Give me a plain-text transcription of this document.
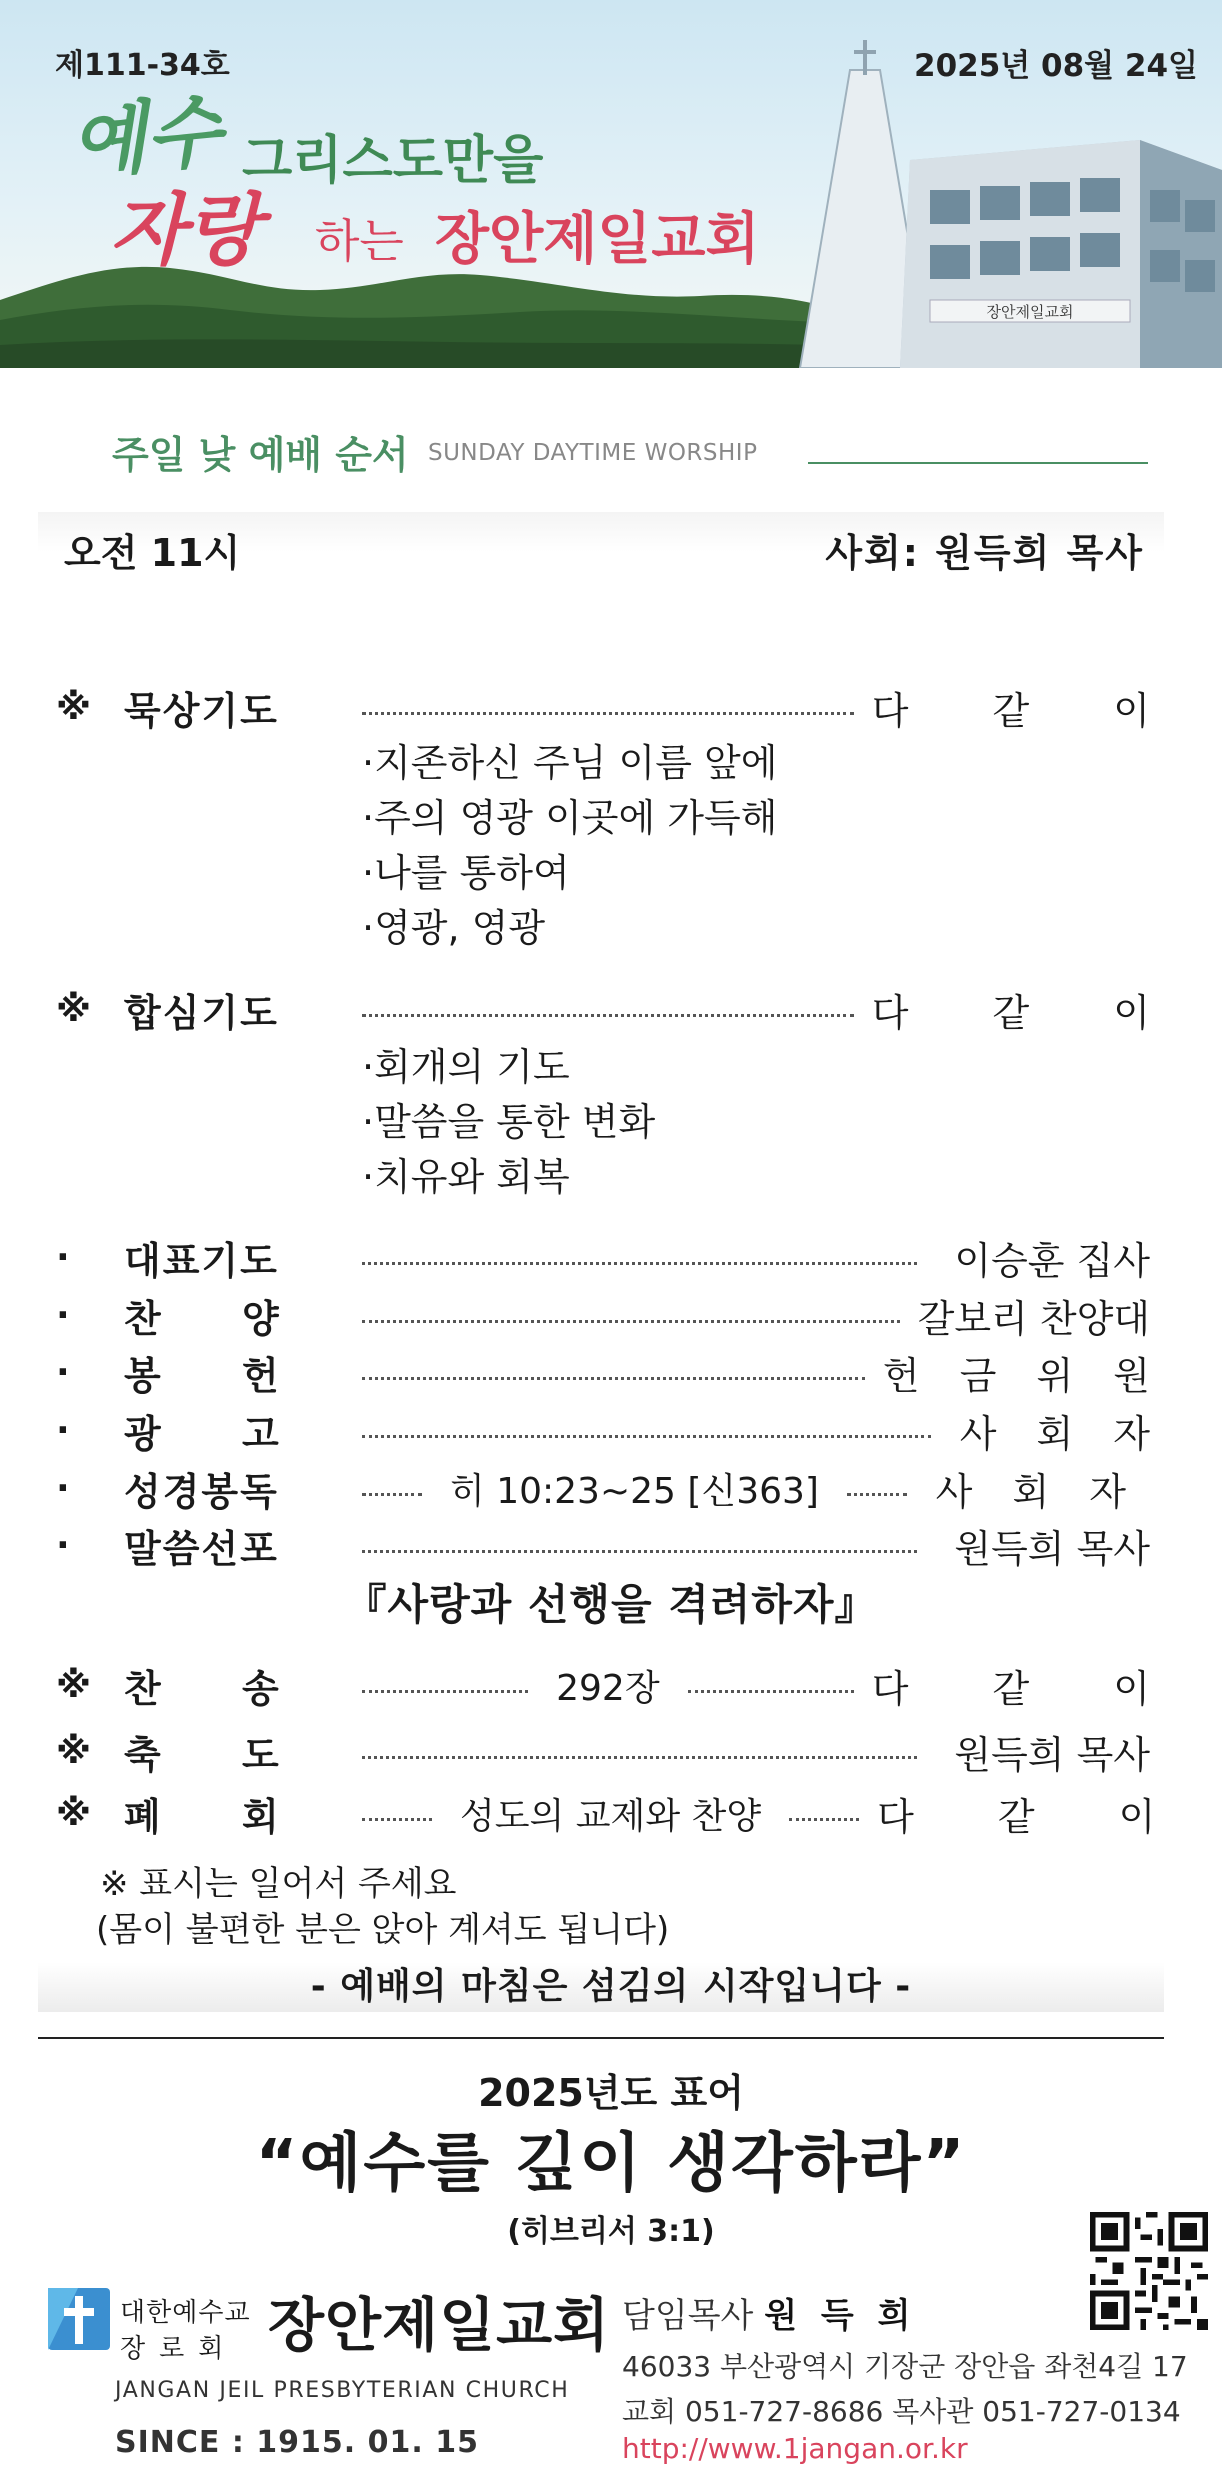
장안제일교회
제111-34호	2025년 08월 24일
예수 그리스도만을
자랑 하는 장안제일교회
주일 낮 예배 순서 SUNDAY DAYTIME WORSHIP
오전 11시	사회: 원득희 목사
※ 묵상기도	다 같 이
·지존하신 주님 이름 앞에
·주의 영광 이곳에 가득해
·나를 통하여
·영광, 영광
※ 합심기도	다 같 이
·회개의 기도
·말씀을 통한 변화
·치유와 회복
·	대표기도	이승훈 집사
·	찬 양	갈보리 찬양대
·	봉 헌	헌 금 위 원
·	광 고	사 회 자
·	성경봉독	히 10:23~25 [신363]	사 회 자
·	말씀선포	원득희 목사
『사랑과 선행을 격려하자』
※ 찬 송	292장	다 같 이
※ 축 도	원득희 목사
※ 폐 회	성도의 교제와 찬양	다 같 이
※ 표시는 일어서 주세요
(몸이 불편한 분은 앉아 계셔도 됩니다)
- 예배의 마침은 섬김의 시작입니다 -
2025년도 표어
“예수를 깊이 생각하라”
(히브리서 3:1)
대한예수교
장로회 장안제일교회
JANGAN JEIL PRESBYTERIAN CHURCH
SINCE : 1915. 01. 15
담임목사 원 득 희
46033 부산광역시 기장군 장안읍 좌천4길 17
교회 051-727-8686 목사관 051-727-0134
http://www.1jangan.or.kr
